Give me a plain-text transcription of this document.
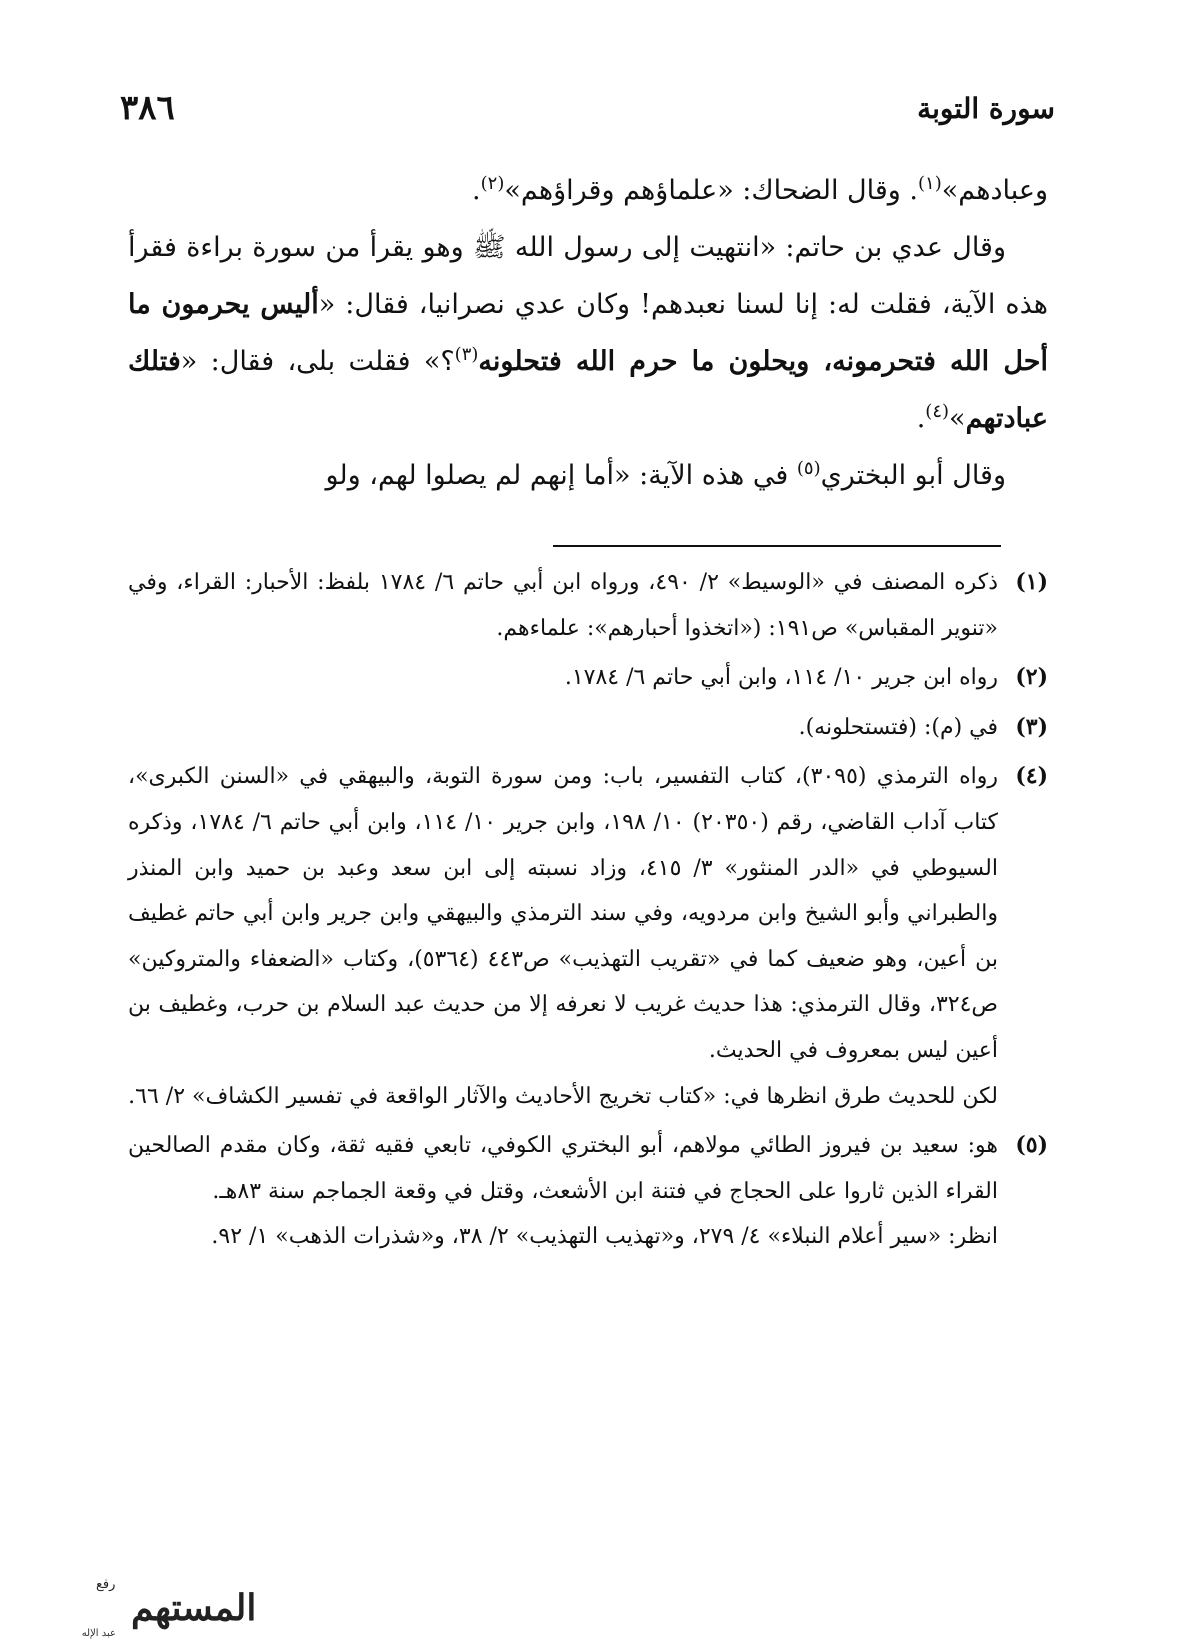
٣٨٦	سورة التوبة

وعبادهم»$^{(١)}$. وقال الضحاك: «علماؤهم وقراؤهم»$^{(٢)}$.

وقال عدي بن حاتم: «انتهيت إلى رسول الله ﷺ وهو يقرأ من سورة براءة فقرأ هذه الآية، فقلت له: إنا لسنا نعبدهم! وكان عدي نصرانيا، فقال: «أليس يحرمون ما أحل الله فتحرمونه، ويحلون ما حرم الله فتحلونه$^{(٣)}$؟» فقلت بلى، فقال: «فتلك عبادتهم»$^{(٤)}$.

وقال أبو البختري$^{(٥)}$ في هذه الآية: «أما إنهم لم يصلوا لهم، ولو

(١)

ذكره المصنف في «الوسيط» ٢/ ٤٩٠، ورواه ابن أبي حاتم ٦/ ١٧٨٤ بلفظ: الأحبار: القراء، وفي «تنوير المقباس» ص١٩١: («اتخذوا أحبارهم»: علماءهم.

(٢)

رواه ابن جرير ١٠/ ١١٤، وابن أبي حاتم ٦/ ١٧٨٤.

(٣)

في (م): (فتستحلونه).

(٤)

رواه الترمذي (٣٠٩٥)، كتاب التفسير، باب: ومن سورة التوبة، والبيهقي في «السنن الكبرى»، كتاب آداب القاضي، رقم (٢٠٣٥٠) ١٠/ ١٩٨، وابن جرير ١٠/ ١١٤، وابن أبي حاتم ٦/ ١٧٨٤، وذكره السيوطي في «الدر المنثور» ٣/ ٤١٥، وزاد نسبته إلى ابن سعد وعبد بن حميد وابن المنذر والطبراني وأبو الشيخ وابن مردويه، وفي سند الترمذي والبيهقي وابن جرير وابن أبي حاتم غطيف بن أعين، وهو ضعيف كما في «تقريب التهذيب» ص٤٤٣ (٥٣٦٤)، وكتاب «الضعفاء والمتروكين» ص٣٢٤، وقال الترمذي: هذا حديث غريب لا نعرفه إلا من حديث عبد السلام بن حرب، وغطيف بن أعين ليس بمعروف في الحديث.

لكن للحديث طرق انظرها في: «كتاب تخريج الأحاديث والآثار الواقعة في تفسير الكشاف» ٢/ ٦٦.

(٥)

هو: سعيد بن فيروز الطائي مولاهم، أبو البختري الكوفي، تابعي فقيه ثقة، وكان مقدم الصالحين القراء الذين ثاروا على الحجاج في فتنة ابن الأشعث، وقتل في وقعة الجماجم سنة ٨٣هـ.

انظر: «سير أعلام النبلاء» ٤/ ٢٧٩، و«تهذيب التهذيب» ٢/ ٣٨، و«شذرات الذهب» ١/ ٩٢.

رفع
المستهم
عبد الإله
